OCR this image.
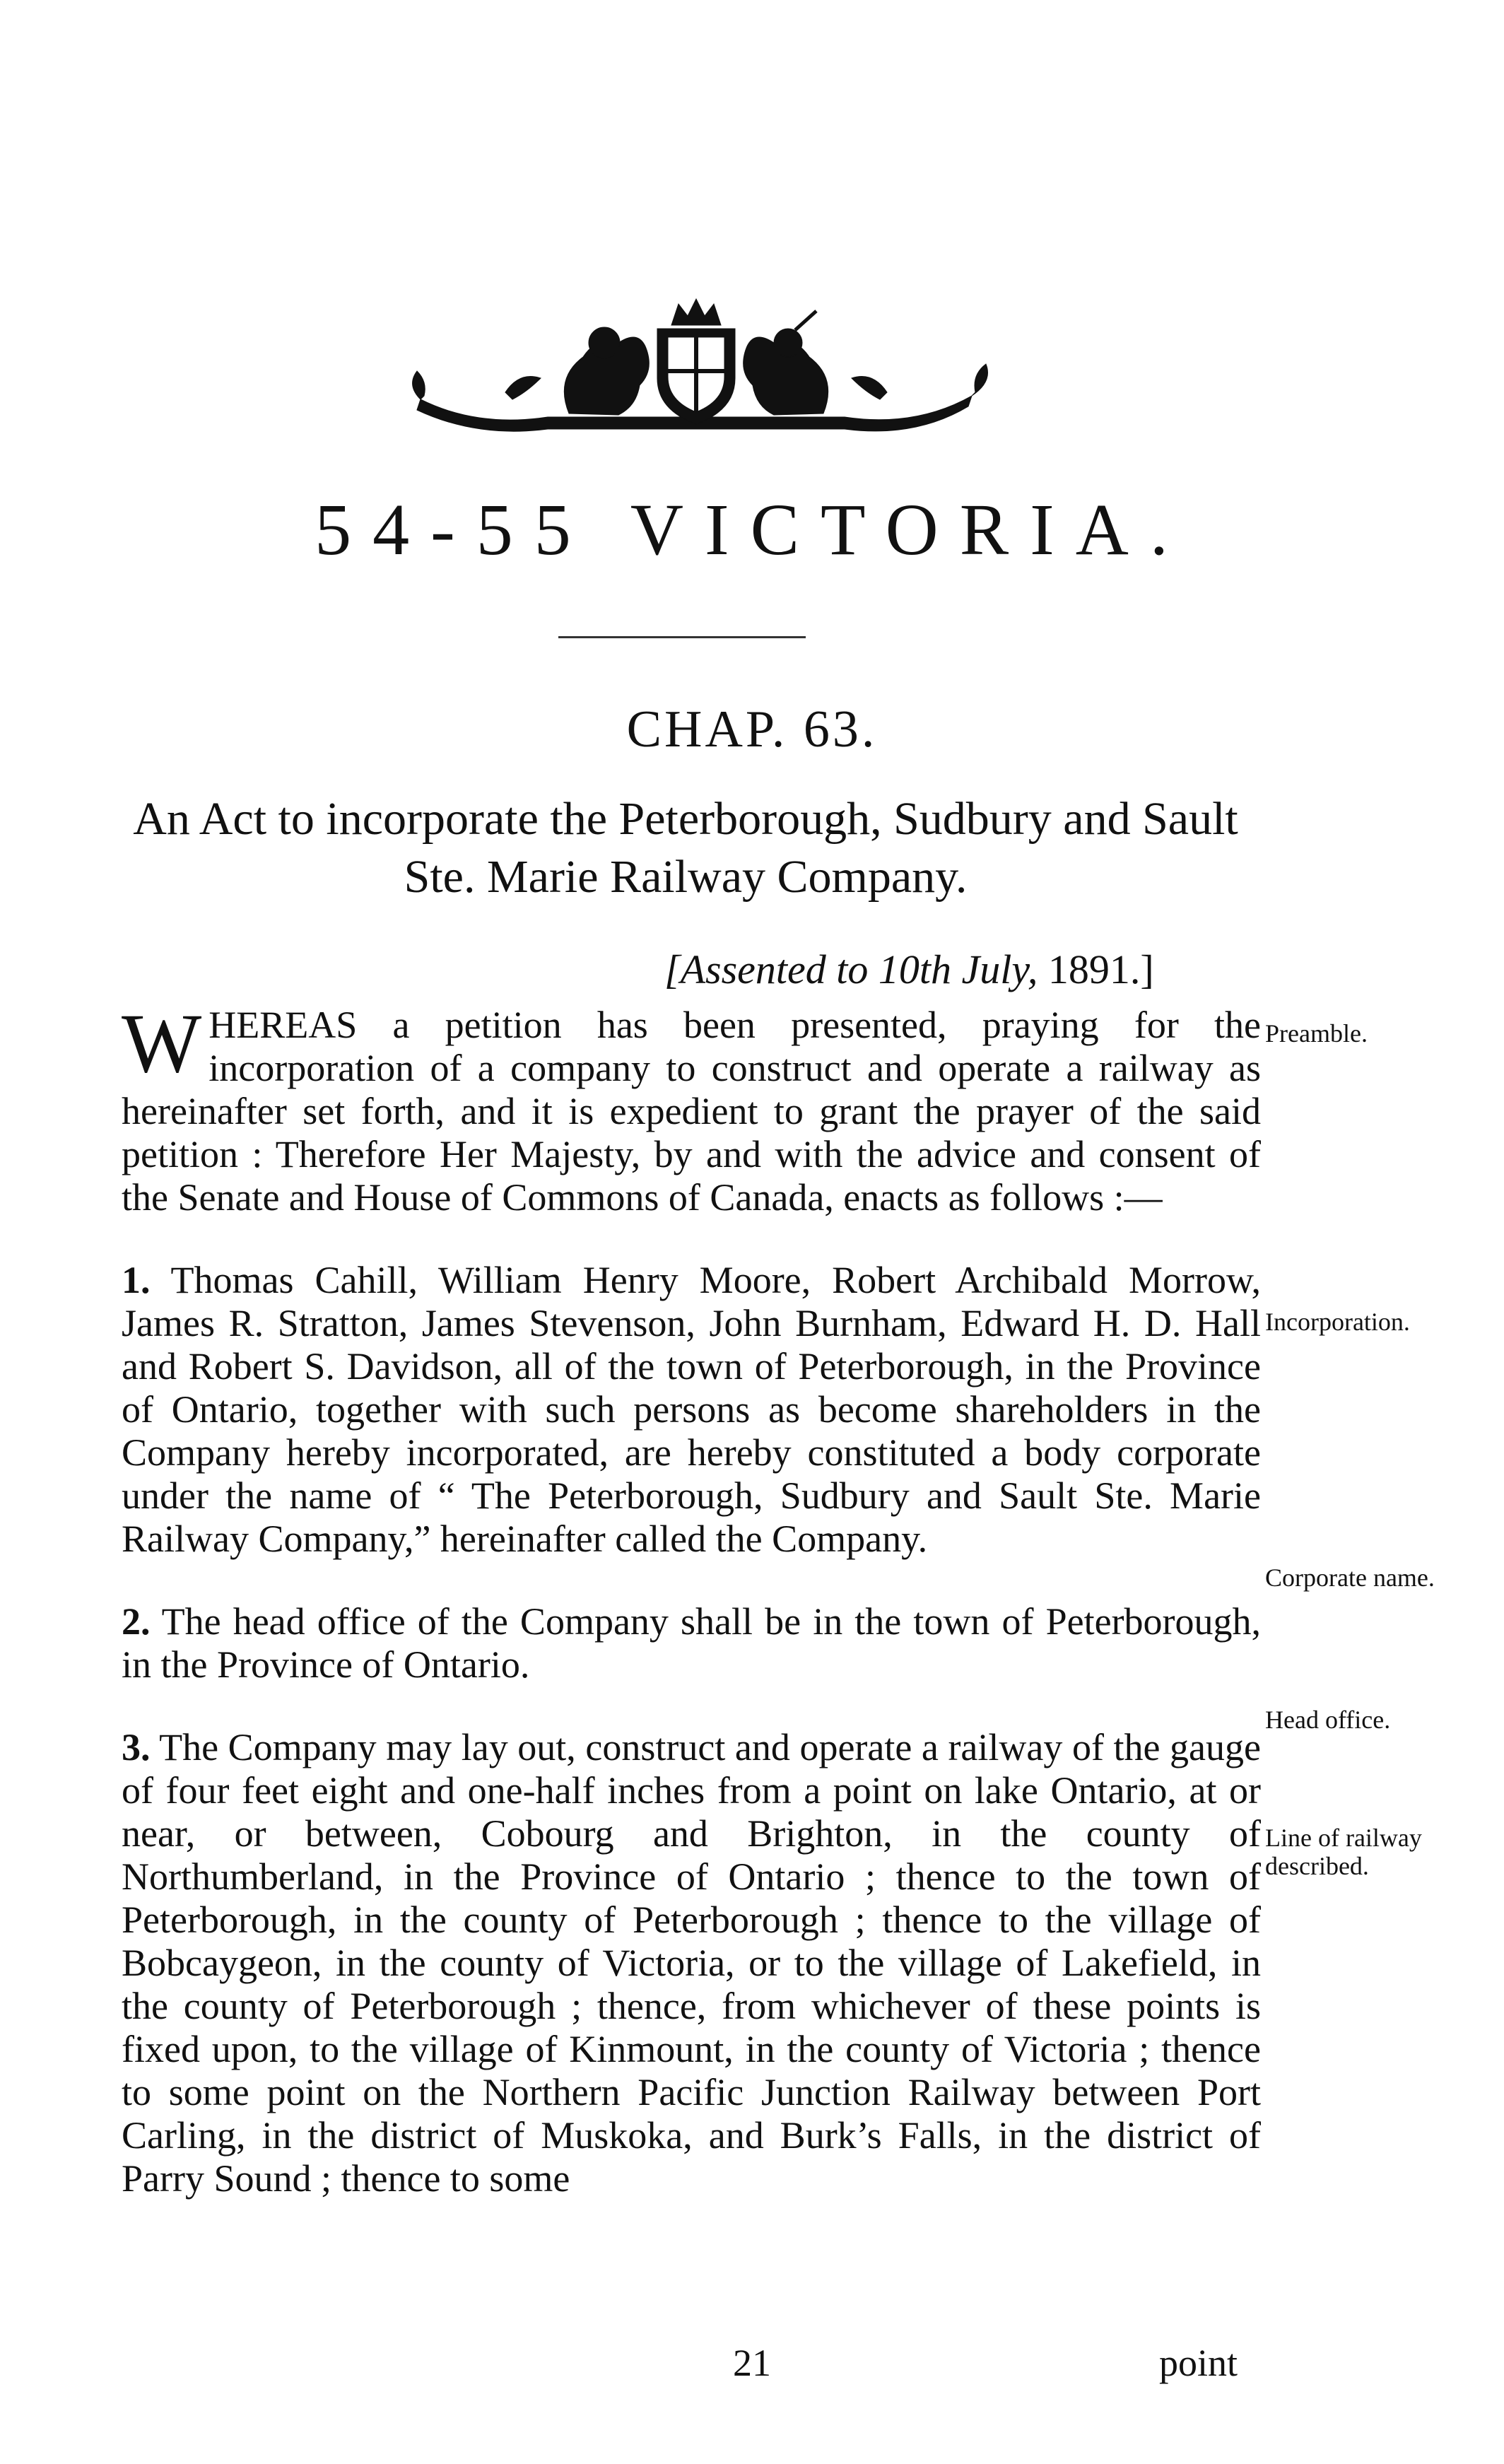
54-55 VICTORIA.
CHAP. 63.
An Act to incorporate the Peterborough, Sudbury and Sault Ste. Marie Railway Company.
[Assented to 10th July, 1891.]

WHEREAS a petition has been presented, praying for the incorporation of a company to construct and operate a railway as hereinafter set forth, and it is expedient to grant the prayer of the said petition : Therefore Her Majesty, by and with the advice and consent of the Senate and House of Commons of Canada, enacts as follows :—

1. Thomas Cahill, William Henry Moore, Robert Archibald Morrow, James R. Stratton, James Stevenson, John Burnham, Edward H. D. Hall and Robert S. Davidson, all of the town of Peterborough, in the Province of Ontario, together with such persons as become shareholders in the Company hereby incorporated, are hereby constituted a body corporate under the name of “ The Peterborough, Sudbury and Sault Ste. Marie Railway Company,” hereinafter called the Company.

2. The head office of the Company shall be in the town of Peterborough, in the Province of Ontario.

3. The Company may lay out, construct and operate a railway of the gauge of four feet eight and one-half inches from a point on lake Ontario, at or near, or between, Cobourg and Brighton, in the county of Northumberland, in the Province of Ontario ; thence to the town of Peterborough, in the county of Peterborough ; thence to the village of Bobcaygeon, in the county of Victoria, or to the village of Lakefield, in the county of Peterborough ; thence, from whichever of these points is fixed upon, to the village of Kinmount, in the county of Victoria ; thence to some point on the Northern Pacific Junction Railway between Port Carling, in the district of Muskoka, and Burk’s Falls, in the district of Parry Sound ; thence to some

Preamble.
Incorporation.
Corporate name.
Head office.
Line of railway described.
21	point
